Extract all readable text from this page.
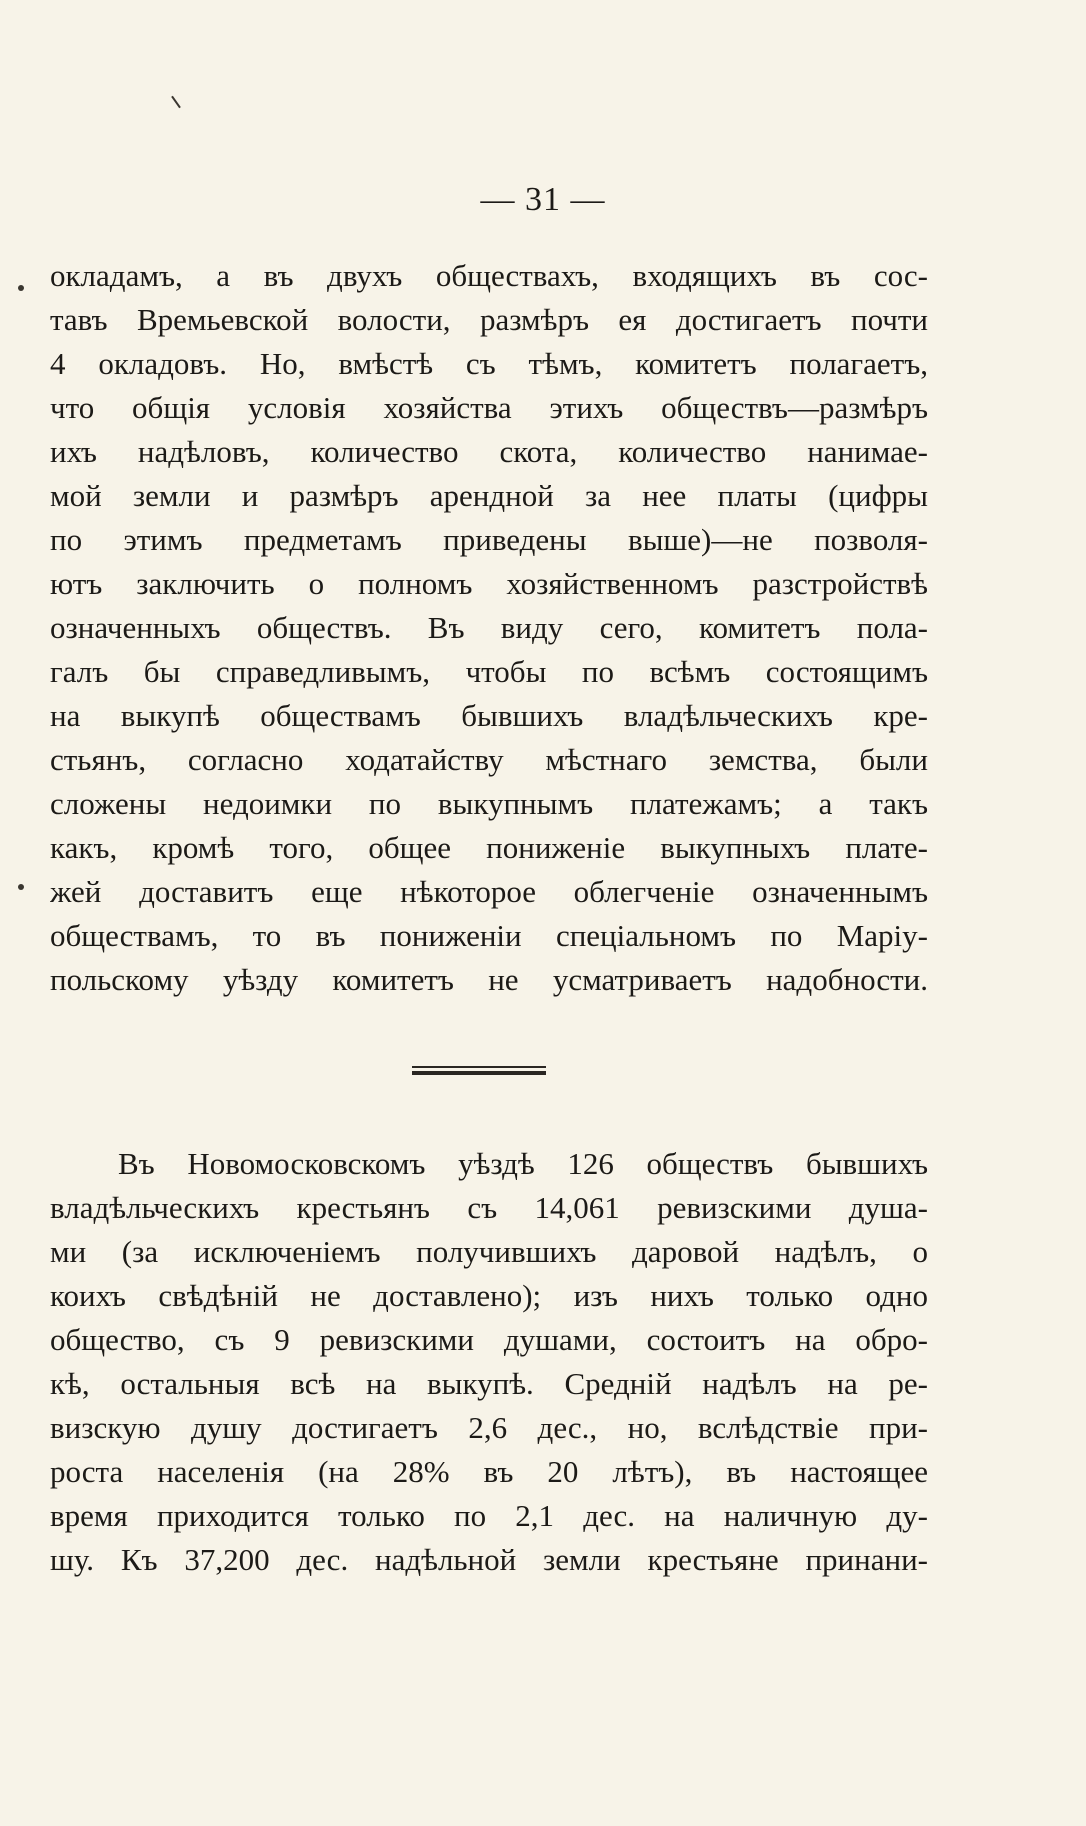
— 31 —
окладамъ, а въ двухъ обществахъ, входящихъ въ сос-
тавъ Времьевской волости, размѣръ ея достигаетъ почти
4 окладовъ. Но, вмѣстѣ съ тѣмъ, комитетъ полагаетъ,
что общія условія хозяйства этихъ обществъ—размѣръ
ихъ надѣловъ, количество скота, количество нанимае-
мой земли и размѣръ арендной за нее платы (цифры
по этимъ предметамъ приведены выше)—не позволя-
ютъ заключить о полномъ хозяйственномъ разстройствѣ
означенныхъ обществъ. Въ виду сего, комитетъ пола-
галъ бы справедливымъ, чтобы по всѣмъ состоящимъ
на выкупѣ обществамъ бывшихъ владѣльческихъ кре-
стьянъ, согласно ходатайству мѣстнаго земства, были
сложены недоимки по выкупнымъ платежамъ; а такъ
какъ, кромѣ того, общее пониженіе выкупныхъ плате-
жей доставитъ еще нѣкоторое облегченіе означеннымъ
обществамъ, то въ пониженіи спеціальномъ по Маріу-
польскому уѣзду комитетъ не усматриваетъ надобности.
Въ Новомосковскомъ уѣздѣ 126 обществъ бывшихъ
владѣльческихъ крестьянъ съ 14,061 ревизскими душа-
ми (за исключеніемъ получившихъ даровой надѣлъ, о
коихъ свѣдѣній не доставлено); изъ нихъ только одно
общество, съ 9 ревизскими душами, состоитъ на обро-
кѣ, остальныя всѣ на выкупѣ. Средній надѣлъ на ре-
визскую душу достигаетъ 2,6 дес., но, вслѣдствіе при-
роста населенія (на 28% въ 20 лѣтъ), въ настоящее
время приходится только по 2,1 дес. на наличную ду-
шу. Къ 37,200 дес. надѣльной земли крестьяне принани-
